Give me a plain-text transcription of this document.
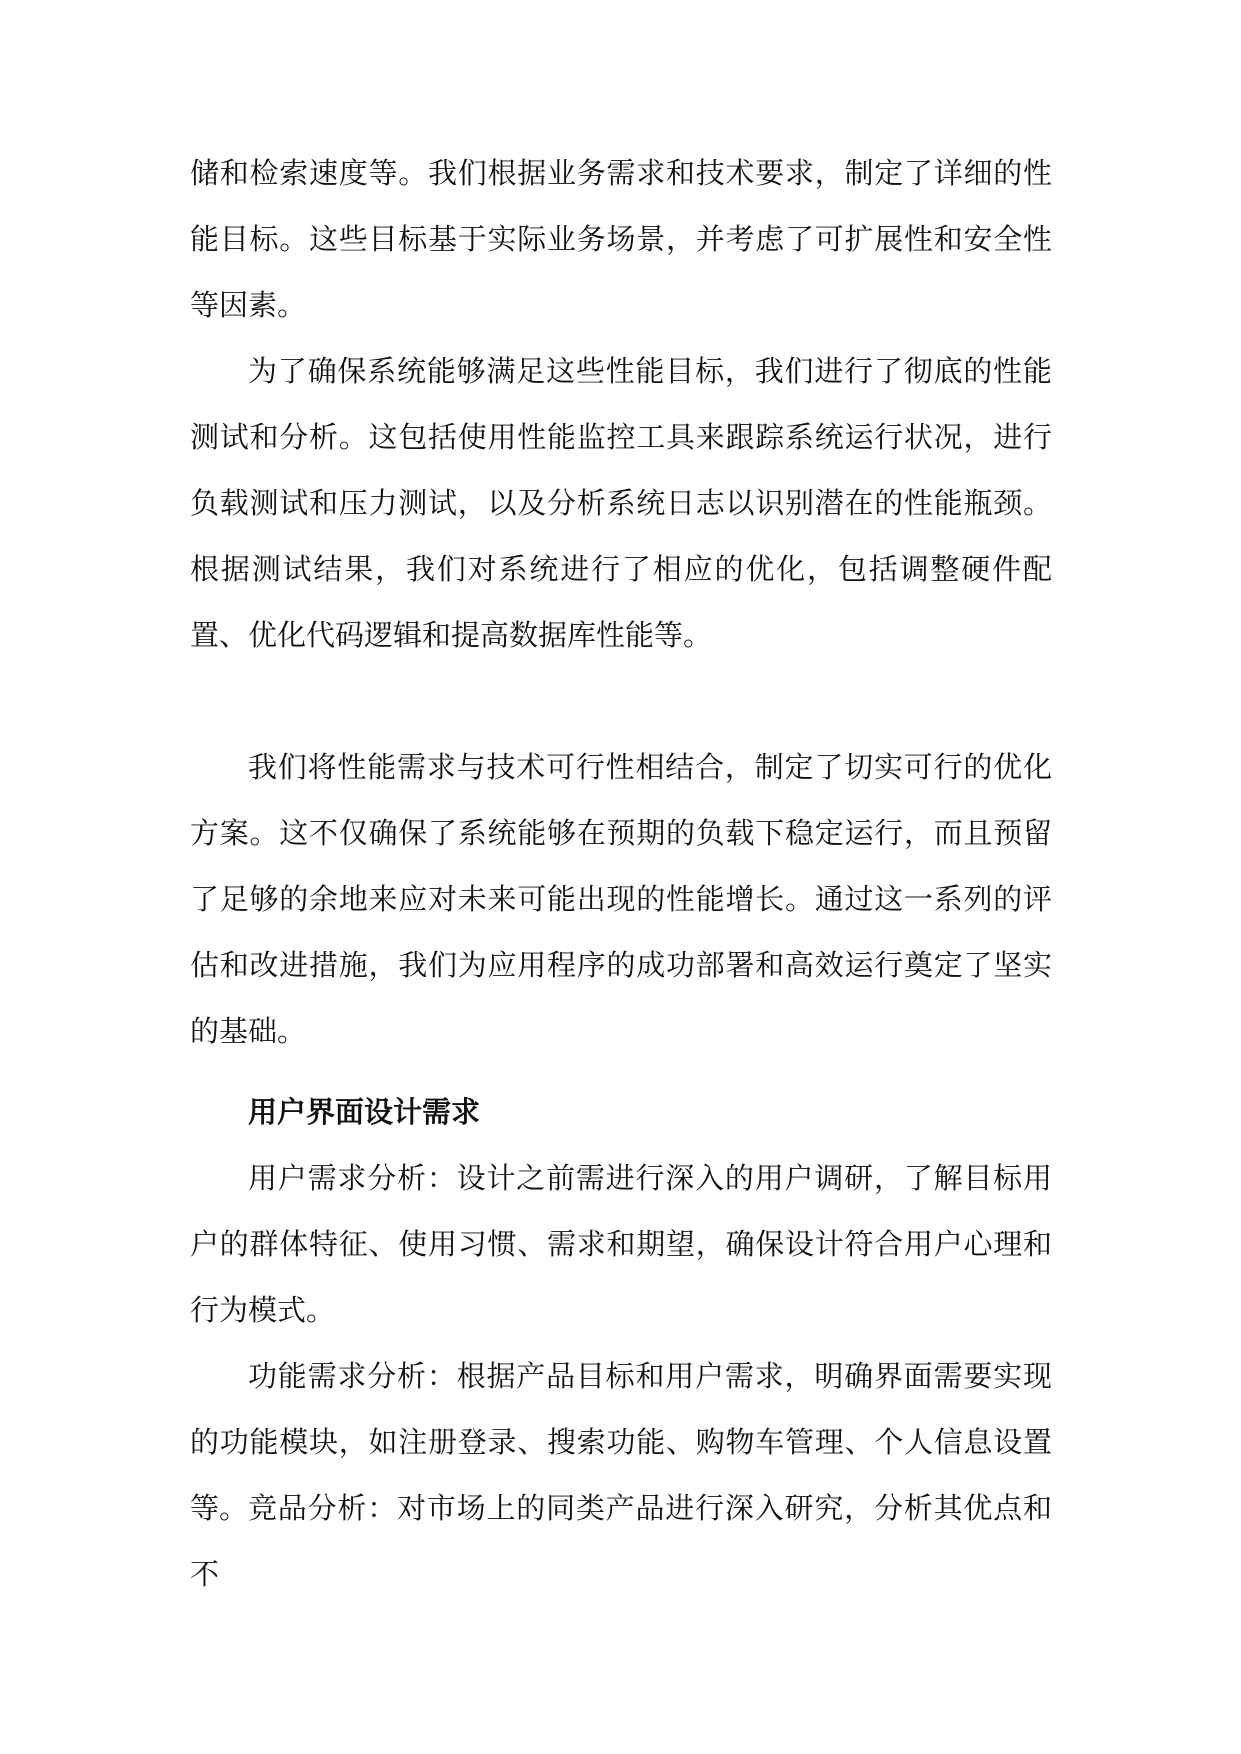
储和检索速度等。我们根据业务需求和技术要求，制定了详细的性能目标。这些目标基于实际业务场景，并考虑了可扩展性和安全性等因素。

为了确保系统能够满足这些性能目标，我们进行了彻底的性能测试和分析。这包括使用性能监控工具来跟踪系统运行状况，进行负载测试和压力测试，以及分析系统日志以识别潜在的性能瓶颈。根据测试结果，我们对系统进行了相应的优化，包括调整硬件配置、优化代码逻辑和提高数据库性能等。

我们将性能需求与技术可行性相结合，制定了切实可行的优化方案。这不仅确保了系统能够在预期的负载下稳定运行，而且预留了足够的余地来应对未来可能出现的性能增长。通过这一系列的评估和改进措施，我们为应用程序的成功部署和高效运行奠定了坚实的基础。

用户界面设计需求

用户需求分析：设计之前需进行深入的用户调研，了解目标用户的群体特征、使用习惯、需求和期望，确保设计符合用户心理和行为模式。

功能需求分析：根据产品目标和用户需求，明确界面需要实现的功能模块，如注册登录、搜索功能、购物车管理、个人信息设置等。 竞品分析：对市场上的同类产品进行深入研究，分析其优点和不
